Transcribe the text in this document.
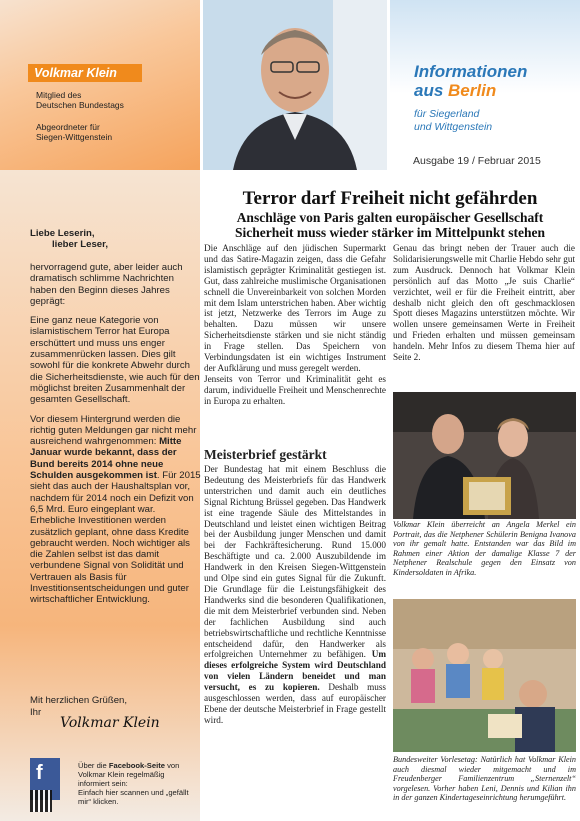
Volkmar Klein
Mitglied des
Deutschen Bundestags
Abgeordneter für
Siegen-Wittgenstein
Informationen
aus Berlin
für Siegerland
und Wittgenstein
Ausgabe 19 / Februar 2015
Liebe Leserin,
lieber Leser,

hervorragend gute, aber leider auch dramatisch schlimme Nachrichten haben den Beginn dieses Jahres geprägt:

Eine ganz neue Kategorie von islamistischem Terror hat Europa erschüttert und muss uns enger zusammenrücken lassen. Dies gilt sowohl für die konkrete Abwehr durch die Sicherheitsdienste, wie auch für den möglichst breiten Zusammenhalt der gesamten Gesellschaft.

Vor diesem Hintergrund werden die richtig guten Meldungen gar nicht mehr ausreichend wahrgenommen: Mitte Januar wurde bekannt, dass der Bund bereits 2014 ohne neue Schulden ausgekommen ist. Für 2015 sieht das auch der Haushaltsplan vor, nachdem für 2014 noch ein Defizit von 6,5 Mrd. Euro eingeplant war. Erhebliche Investitionen werden zusätzlich geplant, ohne dass Kredite gebraucht werden. Noch wichtiger als die Zahlen selbst ist das damit verbundene Signal von Solidität und Vertrauen als Basis für Investitionsentscheidungen und guter wirtschaftlicher Entwicklung.

Mit herzlichen Grüßen,
Ihr
Volkmar Klein
f	Über die Facebook-Seite von Volkmar Klein regelmäßig informiert sein:
Einfach hier scannen und „gefällt mir“ klicken.
Terror darf Freiheit nicht gefährden
Anschläge von Paris galten europäischer Gesellschaft
Sicherheit muss wieder stärker im Mittelpunkt stehen

Die Anschläge auf den jüdischen Supermarkt und das Satire-Magazin zeigen, dass die Gefahr islamistisch geprägter Kriminalität gestiegen ist. Gut, dass zahlreiche muslimische Organisationen schnell die Unvereinbarkeit von solchen Morden mit dem Islam unterstrichen haben. Aber wichtig ist jetzt, Netzwerke des Terrors im Auge zu behalten. Dazu müssen wir unsere Sicherheitsdienste stärken und sie nicht ständig in Frage stellen. Das Speichern von Verbindungsdaten ist ein wichtiges Instrument der Aufklärung und muss geregelt werden.

Jenseits von Terror und Kriminalität geht es darum, individuelle Freiheit und Menschenrechte in Europa zu erhalten.

Genau das bringt neben der Trauer auch die Solidarisierungswelle mit Charlie Hebdo sehr gut zum Ausdruck. Dennoch hat Volkmar Klein persönlich auf das Motto „Je suis Charlie“ verzichtet, weil er für die Freiheit eintritt, aber deshalb nicht gleich den oft geschmacklosen Spott dieses Magazins unterstützen möchte. Wir wollen unsere gemeinsamen Werte in Freiheit und Frieden erhalten und müssen gemeinsam handeln. Mehr Infos zu diesem Thema hier auf Seite 2.

Meisterbrief gestärkt

Der Bundestag hat mit einem Beschluss die Bedeutung des Meisterbriefs für das Handwerk unterstrichen und damit auch ein deutliches Signal Richtung Brüssel gegeben. Das Handwerk ist eine tragende Säule des Mittelstandes in Deutschland und leistet einen wichtigen Beitrag bei der Ausbildung junger Menschen und damit bei der Fachkräftesicherung. Rund 15.000 Beschäftigte und ca. 2.000 Auszubildende im Handwerk in den Kreisen Siegen-Wittgenstein und Olpe sind ein gutes Signal für die Zukunft. Die Grundlage für die Leistungsfähigkeit des Handwerks sind die besonderen Qualifikationen, die mit dem Meisterbrief verbunden sind. Neben der fachlichen Ausbildung sind auch betriebswirtschaftliche und rechtliche Kenntnisse entscheidend dafür, den Handwerker als erfolgreichen Unternehmer zu befähigen. Um dieses erfolgreiche System wird Deutschland von vielen Ländern beneidet und man versucht, es zu kopieren. Deshalb muss ausgeschlossen werden, dass auf europäischer Ebene der deutsche Meisterbrief in Frage gestellt wird.

Volkmar Klein überreicht an Angela Merkel ein Portrait, das die Netphener Schülerin Benigna Ivanova von ihr gemalt hatte. Entstanden war das Bild im Rahmen einer Aktion der damalige Klasse 7 der Netphener Realschule gegen den Einsatz von Kindersoldaten in Afrika.
Bundesweiter Vorlesetag: Natürlich hat Volkmar Klein auch diesmal wieder mitgemacht und im Freudenberger Familienzentrum „Sternenzelt“ vorgelesen. Vorher haben Leni, Dennis und Kilian ihn in der ganzen Kindertageseinrichtung herumgeführt.
